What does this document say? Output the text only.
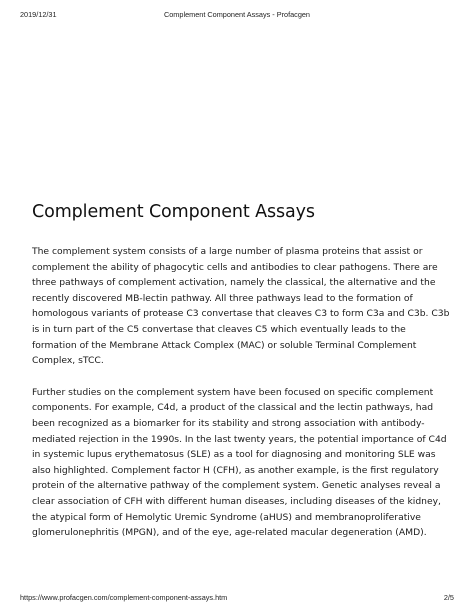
2019/12/31	Complement Component Assays - Profacgen
Complement Component Assays

The complement system consists of a large number of plasma proteins that assist or complement the ability of phagocytic cells and antibodies to clear pathogens. There are three pathways of complement activation, namely the classical, the alternative and the recently discovered MB-lectin pathway. All three pathways lead to the formation of homologous variants of protease C3 convertase that cleaves C3 to form C3a and C3b. C3b is in turn part of the C5 convertase that cleaves C5 which eventually leads to the formation of the Membrane Attack Complex (MAC) or soluble Terminal Complement Complex, sTCC.

Further studies on the complement system have been focused on specific complement components. For example, C4d, a product of the classical and the lectin pathways, had been recognized as a biomarker for its stability and strong association with antibody-mediated rejection in the 1990s. In the last twenty years, the potential importance of C4d in systemic lupus erythematosus (SLE) as a tool for diagnosing and monitoring SLE was also highlighted. Complement factor H (CFH), as another example, is the first regulatory protein of the alternative pathway of the complement system. Genetic analyses reveal a clear association of CFH with different human diseases, including diseases of the kidney, the atypical form of Hemolytic Uremic Syndrome (aHUS) and membranoproliferative glomerulonephritis (MPGN), and of the eye, age-related macular degeneration (AMD).

https://www.profacgen.com/complement-component-assays.htm	2/5
